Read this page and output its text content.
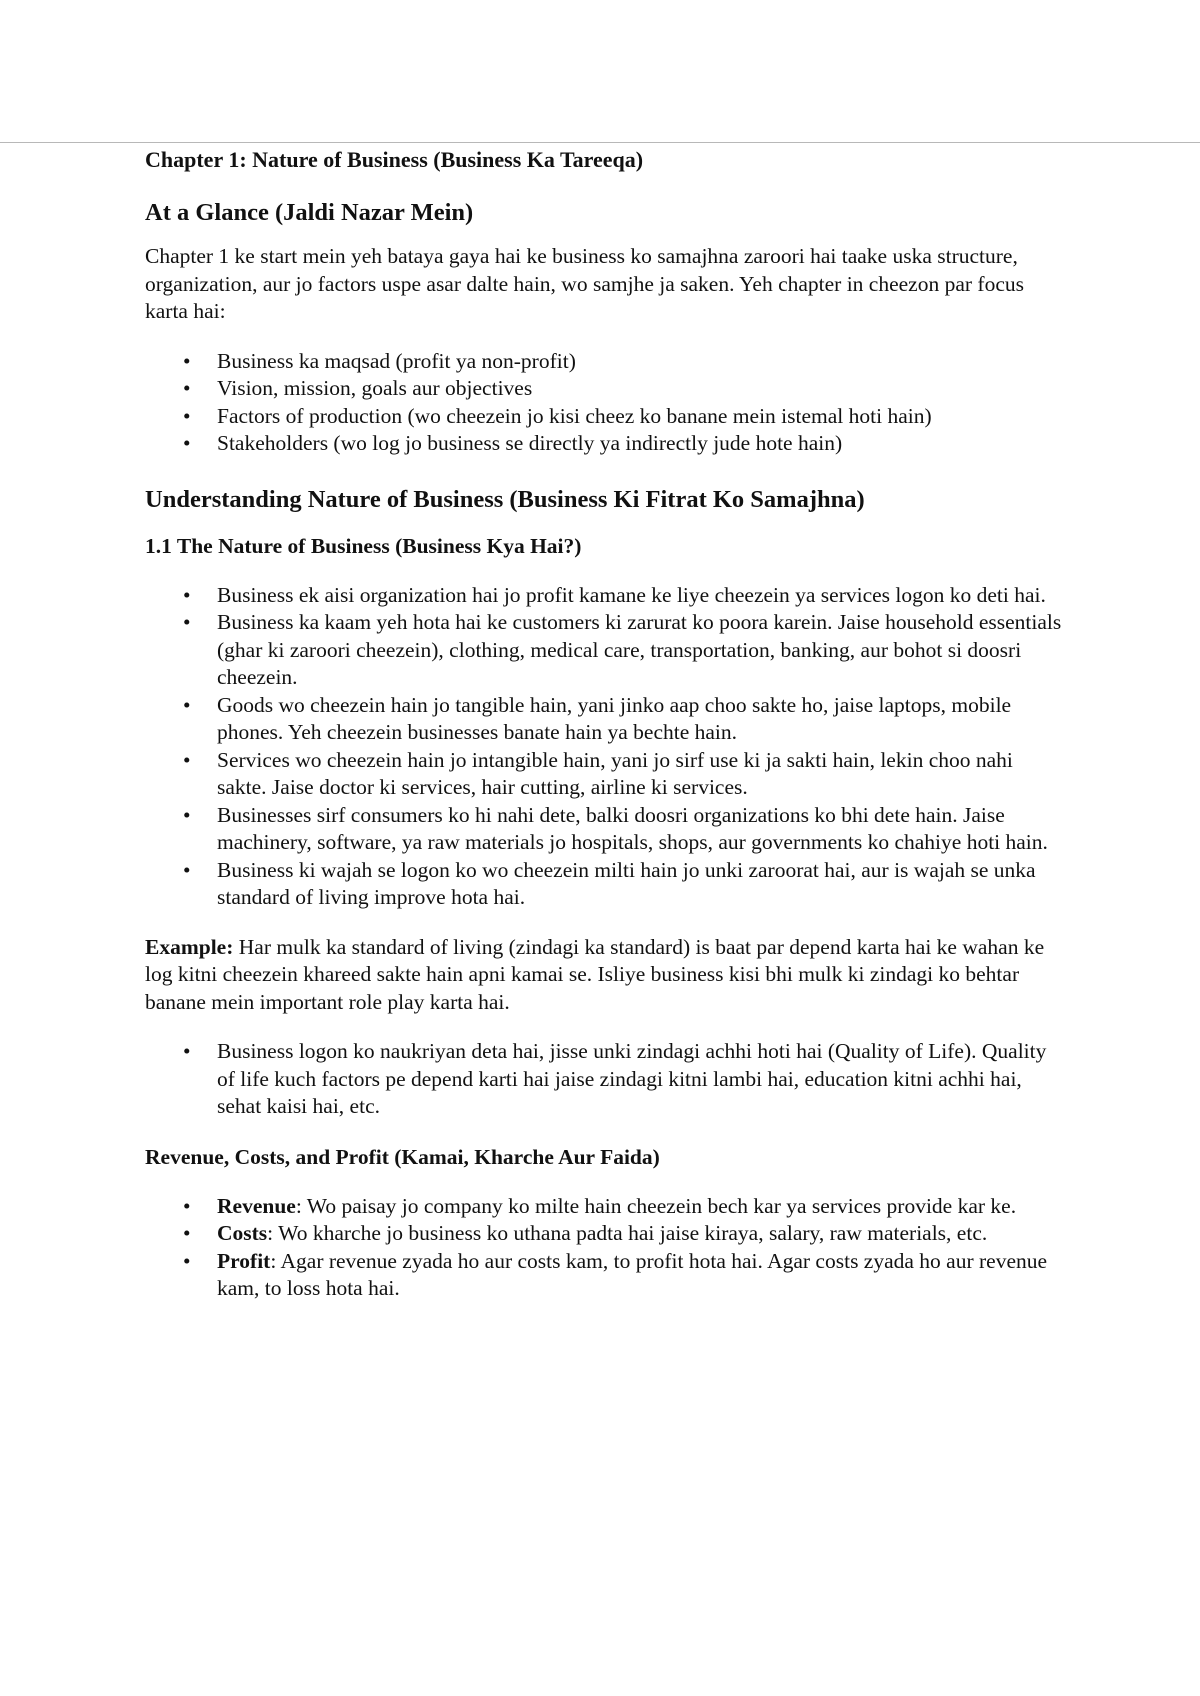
Chapter 1: Nature of Business (Business Ka Tareeqa)
At a Glance (Jaldi Nazar Mein)

Chapter 1 ke start mein yeh bataya gaya hai ke business ko samajhna zaroori hai taake uska structure, organization, aur jo factors uspe asar dalte hain, wo samjhe ja saken. Yeh chapter in cheezon par focus karta hai:

• Business ka maqsad (profit ya non-profit)
• Vision, mission, goals aur objectives
• Factors of production (wo cheezein jo kisi cheez ko banane mein istemal hoti hain)
• Stakeholders (wo log jo business se directly ya indirectly jude hote hain)
Understanding Nature of Business (Business Ki Fitrat Ko Samajhna)
1.1 The Nature of Business (Business Kya Hai?)
• Business ek aisi organization hai jo profit kamane ke liye cheezein ya services logon ko deti hai.
• Business ka kaam yeh hota hai ke customers ki zarurat ko poora karein. Jaise household essentials (ghar ki zaroori cheezein), clothing, medical care, transportation, banking, aur bohot si doosri cheezein.
• Goods wo cheezein hain jo tangible hain, yani jinko aap choo sakte ho, jaise laptops, mobile phones. Yeh cheezein businesses banate hain ya bechte hain.
• Services wo cheezein hain jo intangible hain, yani jo sirf use ki ja sakti hain, lekin choo nahi sakte. Jaise doctor ki services, hair cutting, airline ki services.
• Businesses sirf consumers ko hi nahi dete, balki doosri organizations ko bhi dete hain. Jaise machinery, software, ya raw materials jo hospitals, shops, aur governments ko chahiye hoti hain.
• Business ki wajah se logon ko wo cheezein milti hain jo unki zaroorat hai, aur is wajah se unka standard of living improve hota hai.

Example: Har mulk ka standard of living (zindagi ka standard) is baat par depend karta hai ke wahan ke log kitni cheezein khareed sakte hain apni kamai se. Isliye business kisi bhi mulk ki zindagi ko behtar banane mein important role play karta hai.

• Business logon ko naukriyan deta hai, jisse unki zindagi achhi hoti hai (Quality of Life). Quality of life kuch factors pe depend karti hai jaise zindagi kitni lambi hai, education kitni achhi hai, sehat kaisi hai, etc.
Revenue, Costs, and Profit (Kamai, Kharche Aur Faida)
• Revenue: Wo paisay jo company ko milte hain cheezein bech kar ya services provide kar ke.
• Costs: Wo kharche jo business ko uthana padta hai jaise kiraya, salary, raw materials, etc.
• Profit: Agar revenue zyada ho aur costs kam, to profit hota hai. Agar costs zyada ho aur revenue kam, to loss hota hai.
